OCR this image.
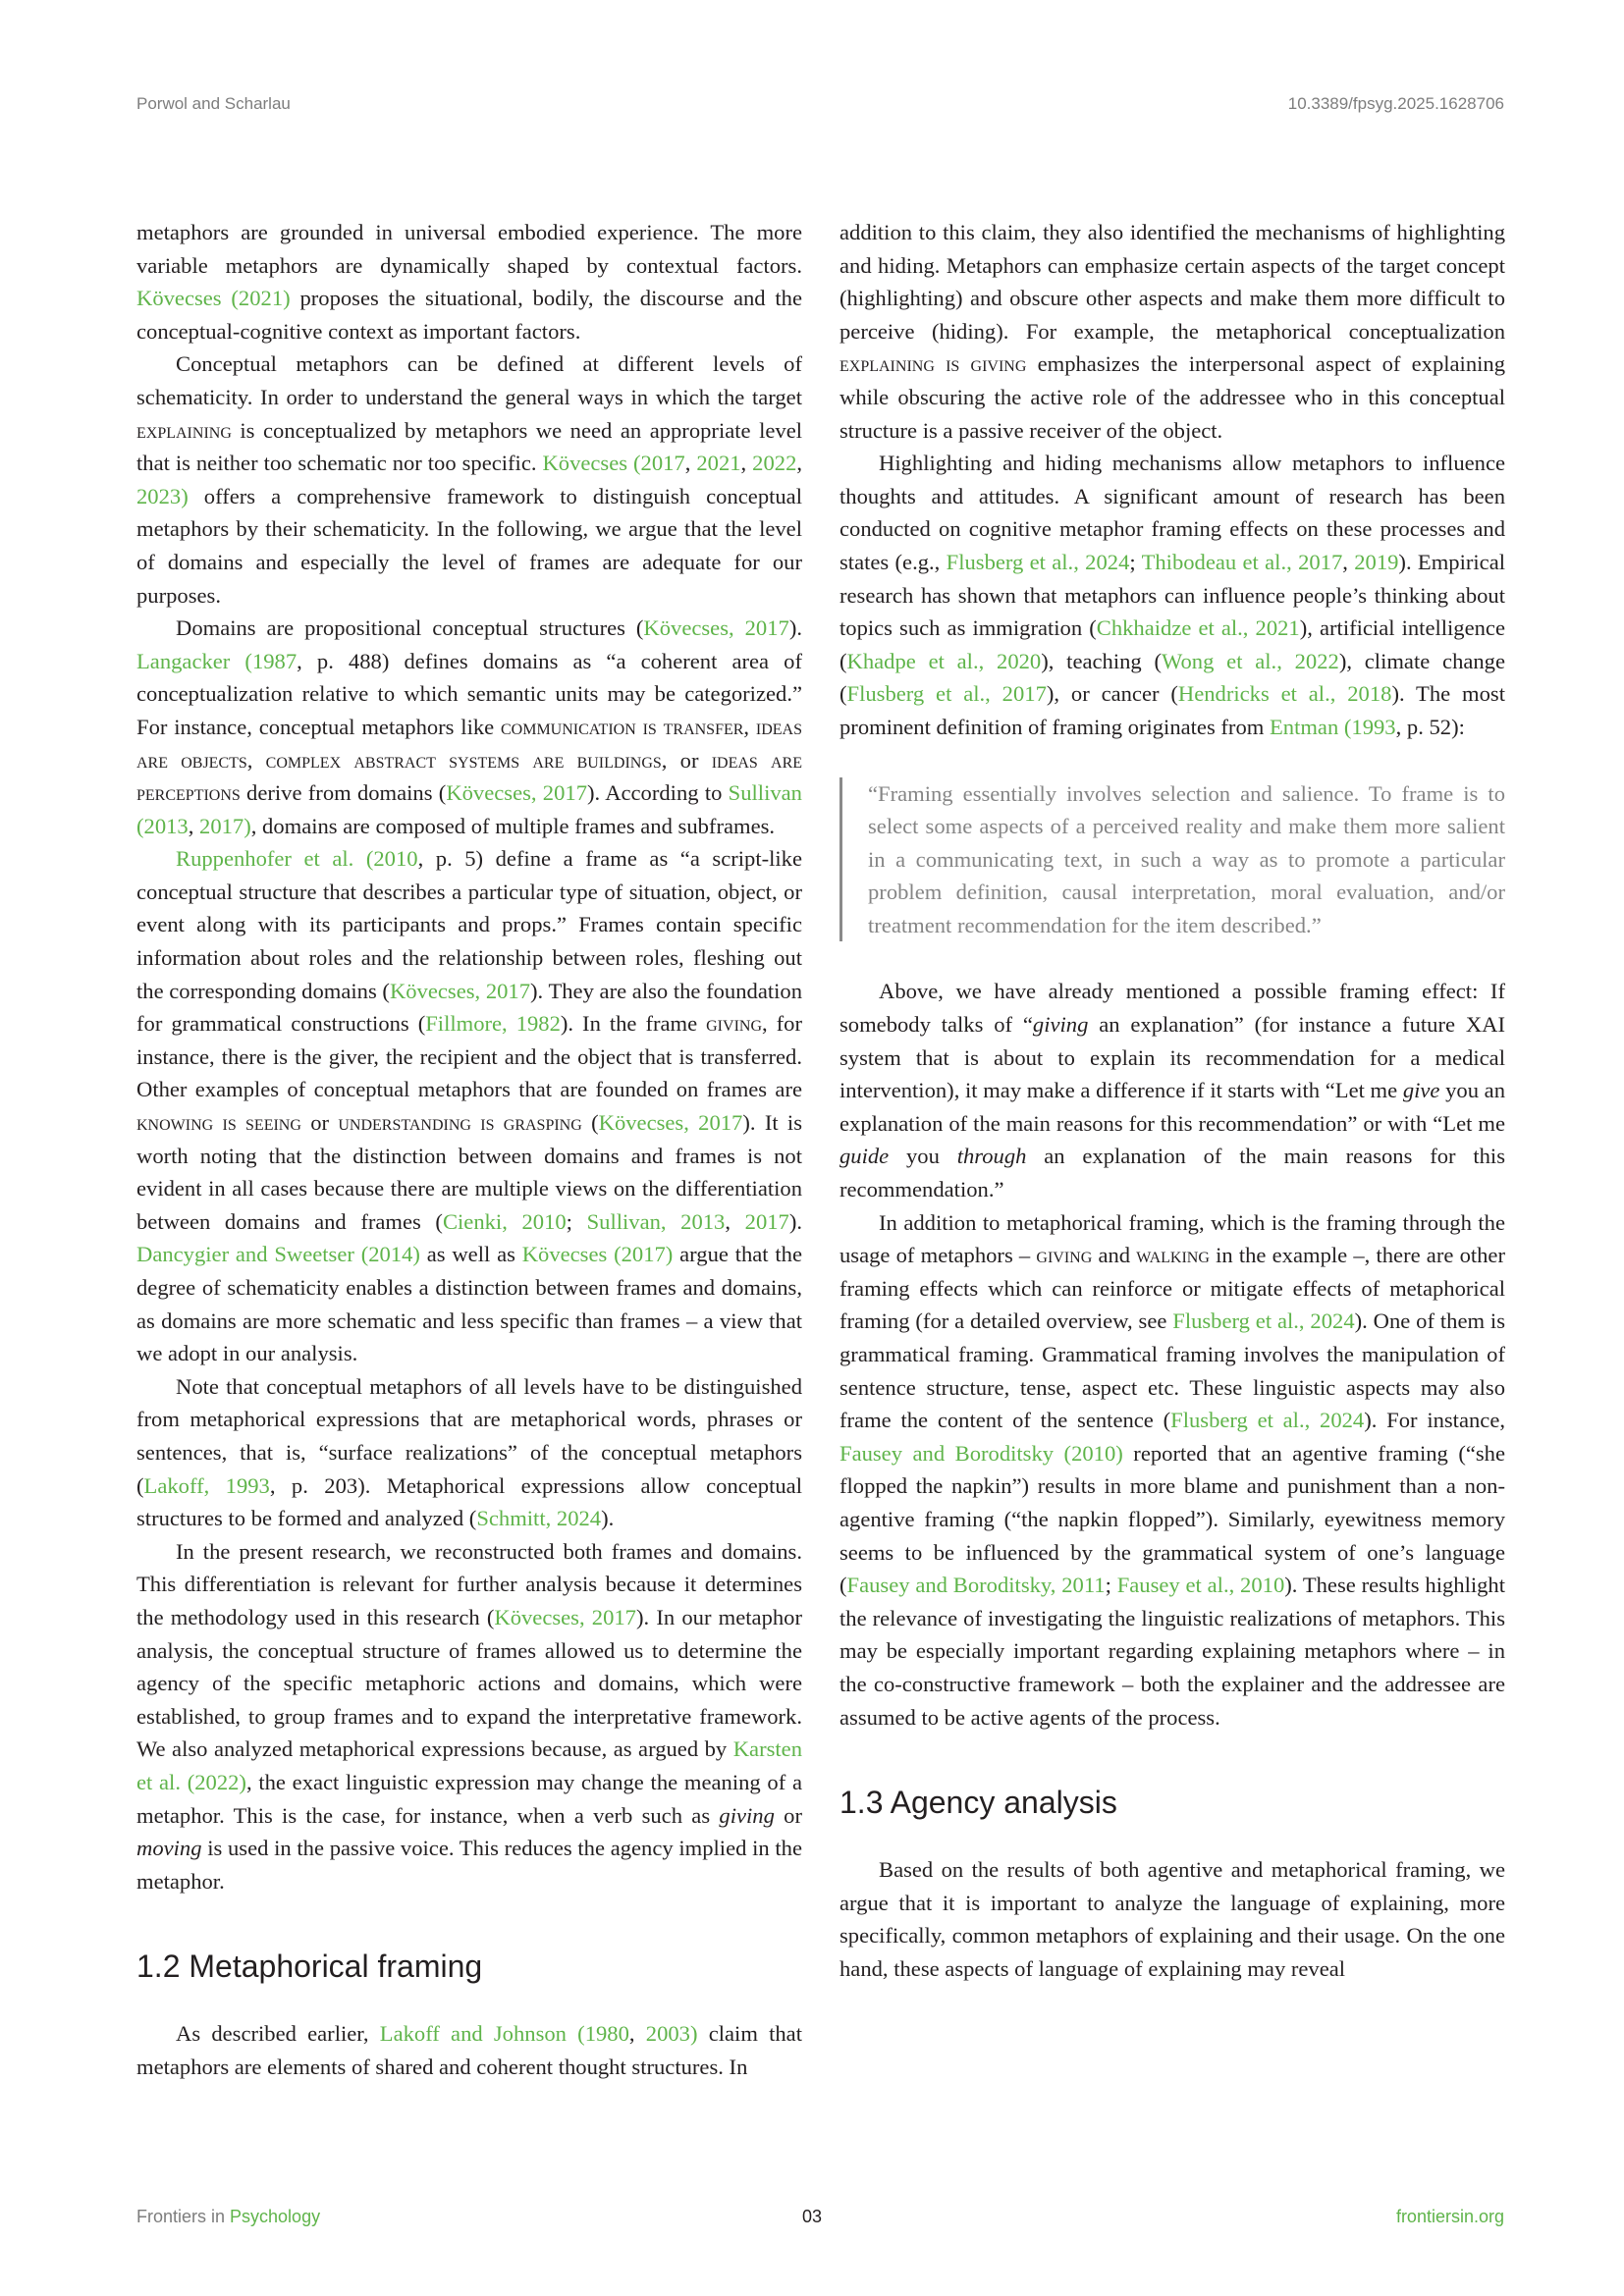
Porwol and Scharlau	10.3389/fpsyg.2025.1628706

metaphors are grounded in universal embodied experience. The more variable metaphors are dynamically shaped by contextual factors. Kövecses (2021) proposes the situational, bodily, the discourse and the conceptual-cognitive context as important factors.

Conceptual metaphors can be defined at different levels of schematicity. In order to understand the general ways in which the target explaining is conceptualized by metaphors we need an appropriate level that is neither too schematic nor too specific. Kövecses (2017, 2021, 2022, 2023) offers a comprehensive framework to distinguish conceptual metaphors by their schematicity. In the following, we argue that the level of domains and especially the level of frames are adequate for our purposes.

Domains are propositional conceptual structures (Kövecses, 2017). Langacker (1987, p. 488) defines domains as “a coherent area of conceptualization relative to which semantic units may be categorized.” For instance, conceptual metaphors like communication is transfer, ideas are objects, complex abstract systems are buildings, or ideas are perceptions derive from domains (Kövecses, 2017). According to Sullivan (2013, 2017), domains are composed of multiple frames and subframes.

Ruppenhofer et al. (2010, p. 5) define a frame as “a script-like conceptual structure that describes a particular type of situation, object, or event along with its participants and props.” Frames contain specific information about roles and the relationship between roles, fleshing out the corresponding domains (Kövecses, 2017). They are also the foundation for grammatical constructions (Fillmore, 1982). In the frame giving, for instance, there is the giver, the recipient and the object that is transferred. Other examples of conceptual metaphors that are founded on frames are knowing is seeing or understanding is grasping (Kövecses, 2017). It is worth noting that the distinction between domains and frames is not evident in all cases because there are multiple views on the differentiation between domains and frames (Cienki, 2010; Sullivan, 2013, 2017). Dancygier and Sweetser (2014) as well as Kövecses (2017) argue that the degree of schematicity enables a distinction between frames and domains, as domains are more schematic and less specific than frames – a view that we adopt in our analysis.

Note that conceptual metaphors of all levels have to be distinguished from metaphorical expressions that are metaphorical words, phrases or sentences, that is, “surface realizations” of the conceptual metaphors (Lakoff, 1993, p. 203). Metaphorical expressions allow conceptual structures to be formed and analyzed (Schmitt, 2024).

In the present research, we reconstructed both frames and domains. This differentiation is relevant for further analysis because it determines the methodology used in this research (Kövecses, 2017). In our metaphor analysis, the conceptual structure of frames allowed us to determine the agency of the specific metaphoric actions and domains, which were established, to group frames and to expand the interpretative framework. We also analyzed metaphorical expressions because, as argued by Karsten et al. (2022), the exact linguistic expression may change the meaning of a metaphor. This is the case, for instance, when a verb such as giving or moving is used in the passive voice. This reduces the agency implied in the metaphor.

1.2 Metaphorical framing

As described earlier, Lakoff and Johnson (1980, 2003) claim that metaphors are elements of shared and coherent thought structures. In

addition to this claim, they also identified the mechanisms of highlighting and hiding. Metaphors can emphasize certain aspects of the target concept (highlighting) and obscure other aspects and make them more difficult to perceive (hiding). For example, the metaphorical conceptualization explaining is giving emphasizes the interpersonal aspect of explaining while obscuring the active role of the addressee who in this conceptual structure is a passive receiver of the object.

Highlighting and hiding mechanisms allow metaphors to influence thoughts and attitudes. A significant amount of research has been conducted on cognitive metaphor framing effects on these processes and states (e.g., Flusberg et al., 2024; Thibodeau et al., 2017, 2019). Empirical research has shown that metaphors can influence people’s thinking about topics such as immigration (Chkhaidze et al., 2021), artificial intelligence (Khadpe et al., 2020), teaching (Wong et al., 2022), climate change (Flusberg et al., 2017), or cancer (Hendricks et al., 2018). The most prominent definition of framing originates from Entman (1993, p. 52):

“Framing essentially involves selection and salience. To frame is to select some aspects of a perceived reality and make them more salient in a communicating text, in such a way as to promote a particular problem definition, causal interpretation, moral evaluation, and/or treatment recommendation for the item described.”

Above, we have already mentioned a possible framing effect: If somebody talks of “giving an explanation” (for instance a future XAI system that is about to explain its recommendation for a medical intervention), it may make a difference if it starts with “Let me give you an explanation of the main reasons for this recommendation” or with “Let me guide you through an explanation of the main reasons for this recommendation.”

In addition to metaphorical framing, which is the framing through the usage of metaphors – giving and walking in the example –, there are other framing effects which can reinforce or mitigate effects of metaphorical framing (for a detailed overview, see Flusberg et al., 2024). One of them is grammatical framing. Grammatical framing involves the manipulation of sentence structure, tense, aspect etc. These linguistic aspects may also frame the content of the sentence (Flusberg et al., 2024). For instance, Fausey and Boroditsky (2010) reported that an agentive framing (“she flopped the napkin”) results in more blame and punishment than a non-agentive framing (“the napkin flopped”). Similarly, eyewitness memory seems to be influenced by the grammatical system of one’s language (Fausey and Boroditsky, 2011; Fausey et al., 2010). These results highlight the relevance of investigating the linguistic realizations of metaphors. This may be especially important regarding explaining metaphors where – in the co-constructive framework – both the explainer and the addressee are assumed to be active agents of the process.

1.3 Agency analysis

Based on the results of both agentive and metaphorical framing, we argue that it is important to analyze the language of explaining, more specifically, common metaphors of explaining and their usage. On the one hand, these aspects of language of explaining may reveal

Frontiers in Psychology	03	frontiersin.org
